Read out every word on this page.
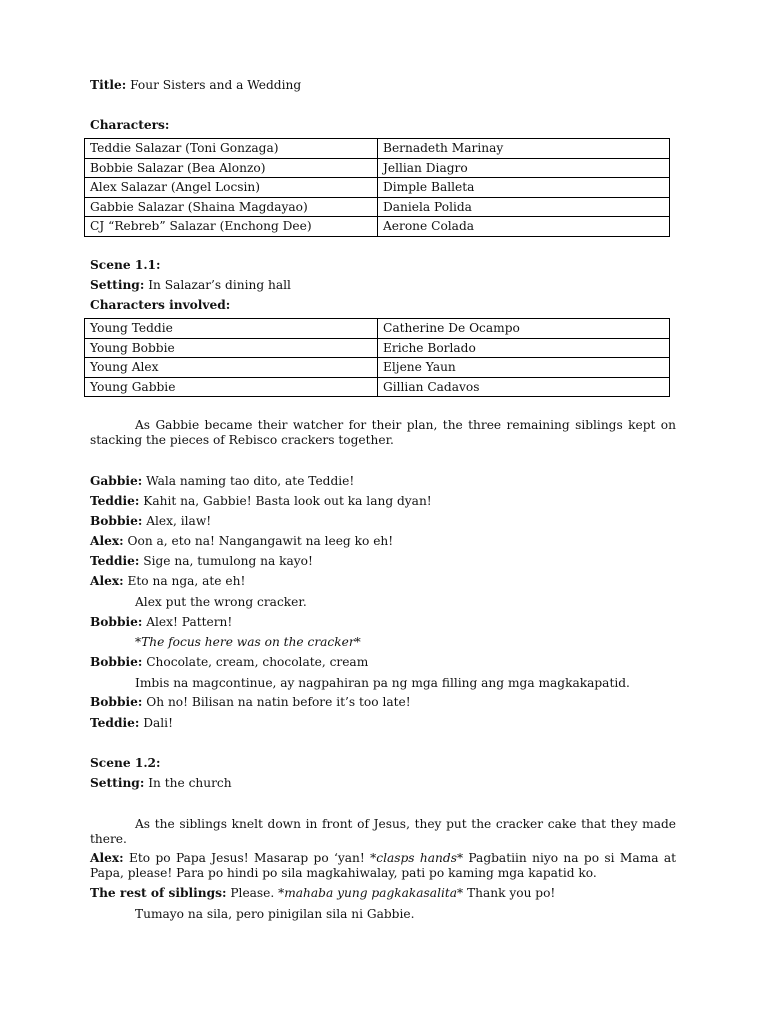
Title: Four Sisters and a Wedding

Characters:

Teddie Salazar (Toni Gonzaga)	Bernadeth Marinay
Bobbie Salazar (Bea Alonzo)	Jellian Diagro
Alex Salazar (Angel Locsin)	Dimple Balleta
Gabbie Salazar (Shaina Magdayao)	Daniela Polida
CJ “Rebreb” Salazar (Enchong Dee)	Aerone Colada

Scene 1.1:

Setting: In Salazar’s dining hall

Characters involved:

Young Teddie	Catherine De Ocampo
Young Bobbie	Eriche Borlado
Young Alex	Eljene Yaun
Young Gabbie	Gillian Cadavos

As Gabbie became their watcher for their plan, the three remaining siblings kept on stacking the pieces of Rebisco crackers together.

Gabbie: Wala naming tao dito, ate Teddie!

Teddie: Kahit na, Gabbie! Basta look out ka lang dyan!

Bobbie: Alex, ilaw!

Alex: Oon a, eto na! Nangangawit na leeg ko eh!

Teddie: Sige na, tumulong na kayo!

Alex: Eto na nga, ate eh!

Alex put the wrong cracker.

Bobbie: Alex! Pattern!

*The focus here was on the cracker*

Bobbie: Chocolate, cream, chocolate, cream

Imbis na magcontinue, ay nagpahiran pa ng mga filling ang mga magkakapatid.

Bobbie: Oh no! Bilisan na natin before it’s too late!

Teddie: Dali!

Scene 1.2:

Setting: In the church

As the siblings knelt down in front of Jesus, they put the cracker cake that they made there.

Alex: Eto po Papa Jesus! Masarap po ‘yan! *clasps hands* Pagbatiin niyo na po si Mama at Papa, please! Para po hindi po sila magkahiwalay, pati po kaming mga kapatid ko.

The rest of siblings: Please. *mahaba yung pagkakasalita* Thank you po!

Tumayo na sila, pero pinigilan sila ni Gabbie.
